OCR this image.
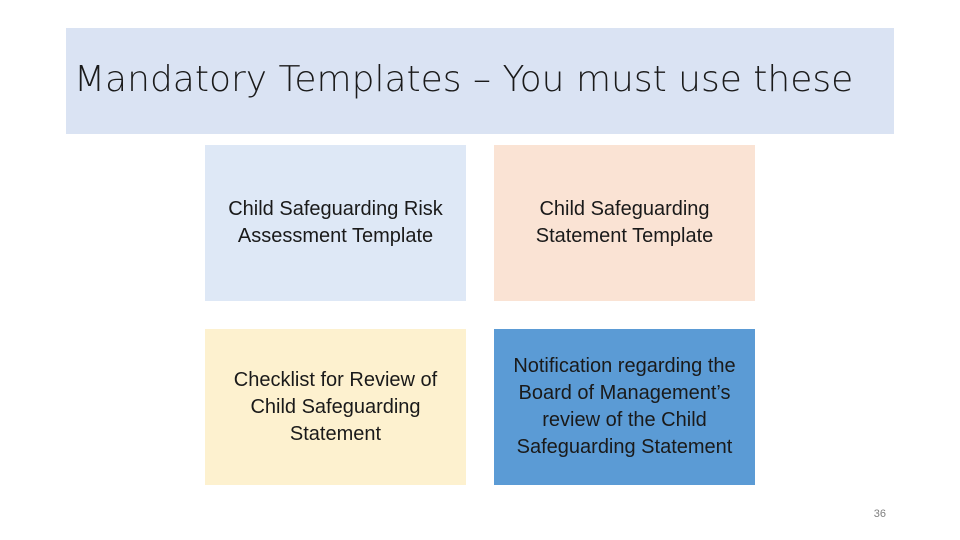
Mandatory Templates – You must use these
Child Safeguarding Risk Assessment Template
Child Safeguarding Statement Template
Checklist for Review of Child Safeguarding Statement
Notification regarding the Board of Management’s review of the Child Safeguarding Statement
36
